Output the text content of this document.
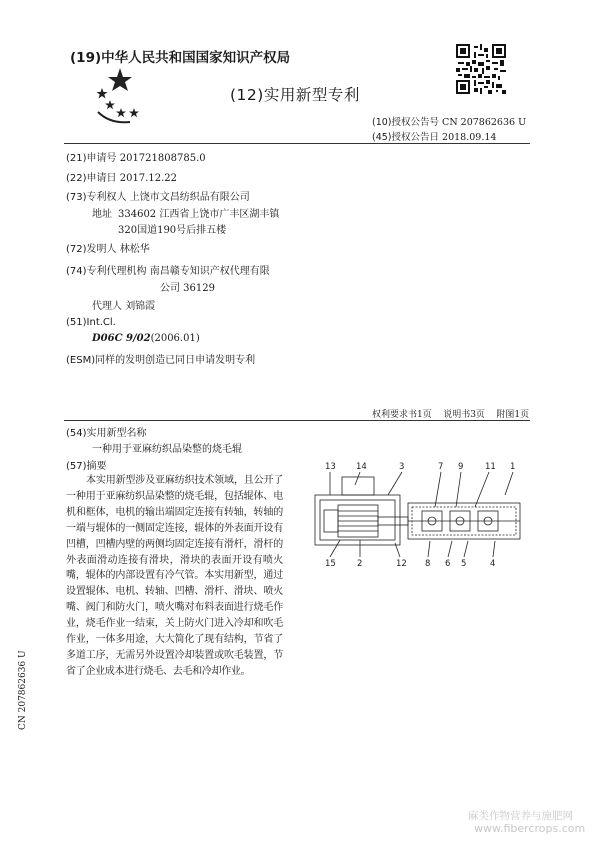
(19)中华人民共和国国家知识产权局
(12)实用新型专利
(10)授权公告号 CN 207862636 U
(45)授权公告日 2018.09.14
(21)申请号 201721808785.0
(22)申请日 2017.12.22
(73)专利权人 上饶市文昌纺织品有限公司
地址 334602 江西省上饶市广丰区湖丰镇
320国道190号后排五楼
(72)发明人 林松华
(74)专利代理机构 南昌赣专知识产权代理有限
公司 36129
代理人 刘锦霞
(51)Int.Cl.
D06C 9/02(2006.01)
(ESM)同样的发明创造已同日申请发明专利
权利要求书1页 说明书3页 附图1页
(54)实用新型名称
一种用于亚麻纺织品染整的烧毛辊
(57)摘要

本实用新型涉及亚麻纺织技术领域，且公开了一种用于亚麻纺织品染整的烧毛辊，包括辊体、电机和框体，电机的输出端固定连接有转轴，转轴的一端与辊体的一侧固定连接，辊体的外表面开设有凹槽，凹槽内壁的两侧均固定连接有滑杆，滑杆的外表面滑动连接有滑块，滑块的表面开设有喷火嘴，辊体的内部设置有冷气管。本实用新型，通过设置辊体、电机、转轴、凹槽、滑杆、滑块、喷火嘴、阀门和防火门，喷火嘴对布料表面进行烧毛作业，烧毛作业一结束，关上防火门进入冷却和吹毛作业，一体多用途，大大简化了现有结构，节省了多道工序，无需另外设置冷却装置或吹毛装置，节省了企业成本进行烧毛、去毛和冷却作业。

13 14	3	7 9	11 1
15 2	12 8 6 5	4
CN 207862636 U
麻类作物营养与施肥网
www.fibercrops.com
